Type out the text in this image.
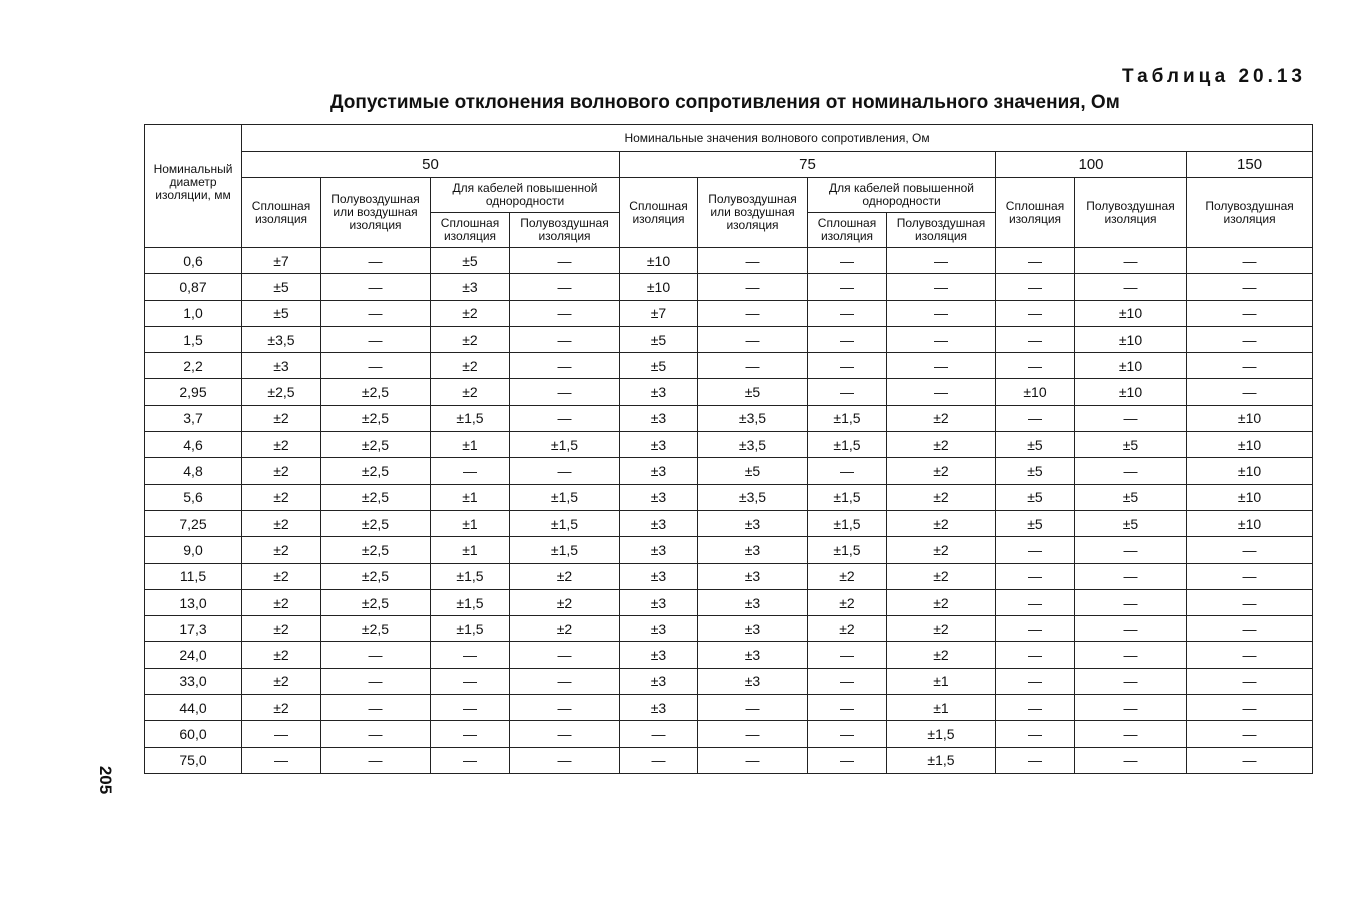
Таблица 20.13
Допустимые отклонения волнового сопротивления от номинального значения, Ом
205
Номинальный диаметр изоляции, мм	Номинальные значения волнового сопротивления, Ом										
	50				75				100		150
	Сплошная изоляция	Полувоздушная или воздушная изоляция	Для кабелей повышенной однородности		Сплошная изоляция	Полувоздушная или воздушная изоляция	Для кабелей повышенной однородности		Сплошная изоляция	Полувоздушная изоляция	Полувоздушная изоляция
			Сплошная изоляция	Полувоздушная изоляция			Сплошная изоляция	Полувоздушная изоляция			
0,6	±7	—	±5	—	±10	—	—	—	—	—	—
0,87	±5	—	±3	—	±10	—	—	—	—	—	—
1,0	±5	—	±2	—	±7	—	—	—	—	±10	—
1,5	±3,5	—	±2	—	±5	—	—	—	—	±10	—
2,2	±3	—	±2	—	±5	—	—	—	—	±10	—
2,95	±2,5	±2,5	±2	—	±3	±5	—	—	±10	±10	—
3,7	±2	±2,5	±1,5	—	±3	±3,5	±1,5	±2	—	—	±10
4,6	±2	±2,5	±1	±1,5	±3	±3,5	±1,5	±2	±5	±5	±10
4,8	±2	±2,5	—	—	±3	±5	—	±2	±5	—	±10
5,6	±2	±2,5	±1	±1,5	±3	±3,5	±1,5	±2	±5	±5	±10
7,25	±2	±2,5	±1	±1,5	±3	±3	±1,5	±2	±5	±5	±10
9,0	±2	±2,5	±1	±1,5	±3	±3	±1,5	±2	—	—	—
11,5	±2	±2,5	±1,5	±2	±3	±3	±2	±2	—	—	—
13,0	±2	±2,5	±1,5	±2	±3	±3	±2	±2	—	—	—
17,3	±2	±2,5	±1,5	±2	±3	±3	±2	±2	—	—	—
24,0	±2	—	—	—	±3	±3	—	±2	—	—	—
33,0	±2	—	—	—	±3	±3	—	±1	—	—	—
44,0	±2	—	—	—	±3	—	—	±1	—	—	—
60,0	—	—	—	—	—	—	—	±1,5	—	—	—
75,0	—	—	—	—	—	—	—	±1,5	—	—	—
